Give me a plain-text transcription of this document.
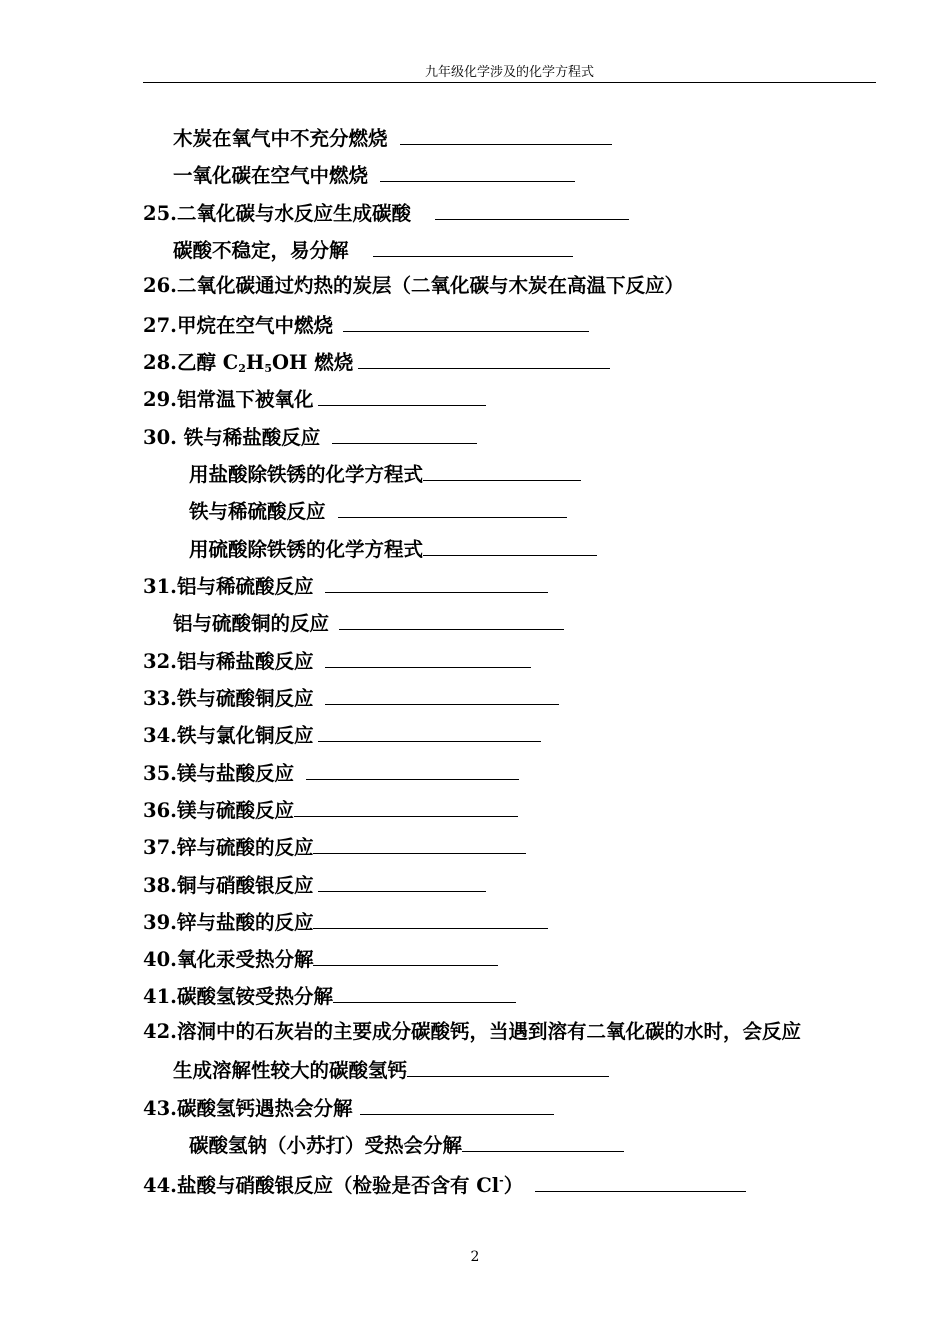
九年级化学涉及的化学方程式
木炭在氧气中不充分燃烧
一氧化碳在空气中燃烧
25.二氧化碳与水反应生成碳酸
碳酸不稳定，易分解
26.二氧化碳通过灼热的炭层（二氧化碳与木炭在高温下反应）
27.甲烷在空气中燃烧
28.乙醇 $C_2H_5OH$ 燃烧
29.铝常温下被氧化
30. 铁与稀盐酸反应
用盐酸除铁锈的化学方程式
铁与稀硫酸反应
用硫酸除铁锈的化学方程式
31.铝与稀硫酸反应
铝与硫酸铜的反应
32.铝与稀盐酸反应
33.铁与硫酸铜反应
34.铁与氯化铜反应
35.镁与盐酸反应
36.镁与硫酸反应
37.锌与硫酸的反应
38.铜与硝酸银反应
39.锌与盐酸的反应
40.氧化汞受热分解
41.碳酸氢铵受热分解
42.溶洞中的石灰岩的主要成分碳酸钙，当遇到溶有二氧化碳的水时，会反应
生成溶解性较大的碳酸氢钙
43.碳酸氢钙遇热会分解
碳酸氢钠（小苏打）受热会分解
44.盐酸与硝酸银反应（检验是否含有 Cl-）
2
